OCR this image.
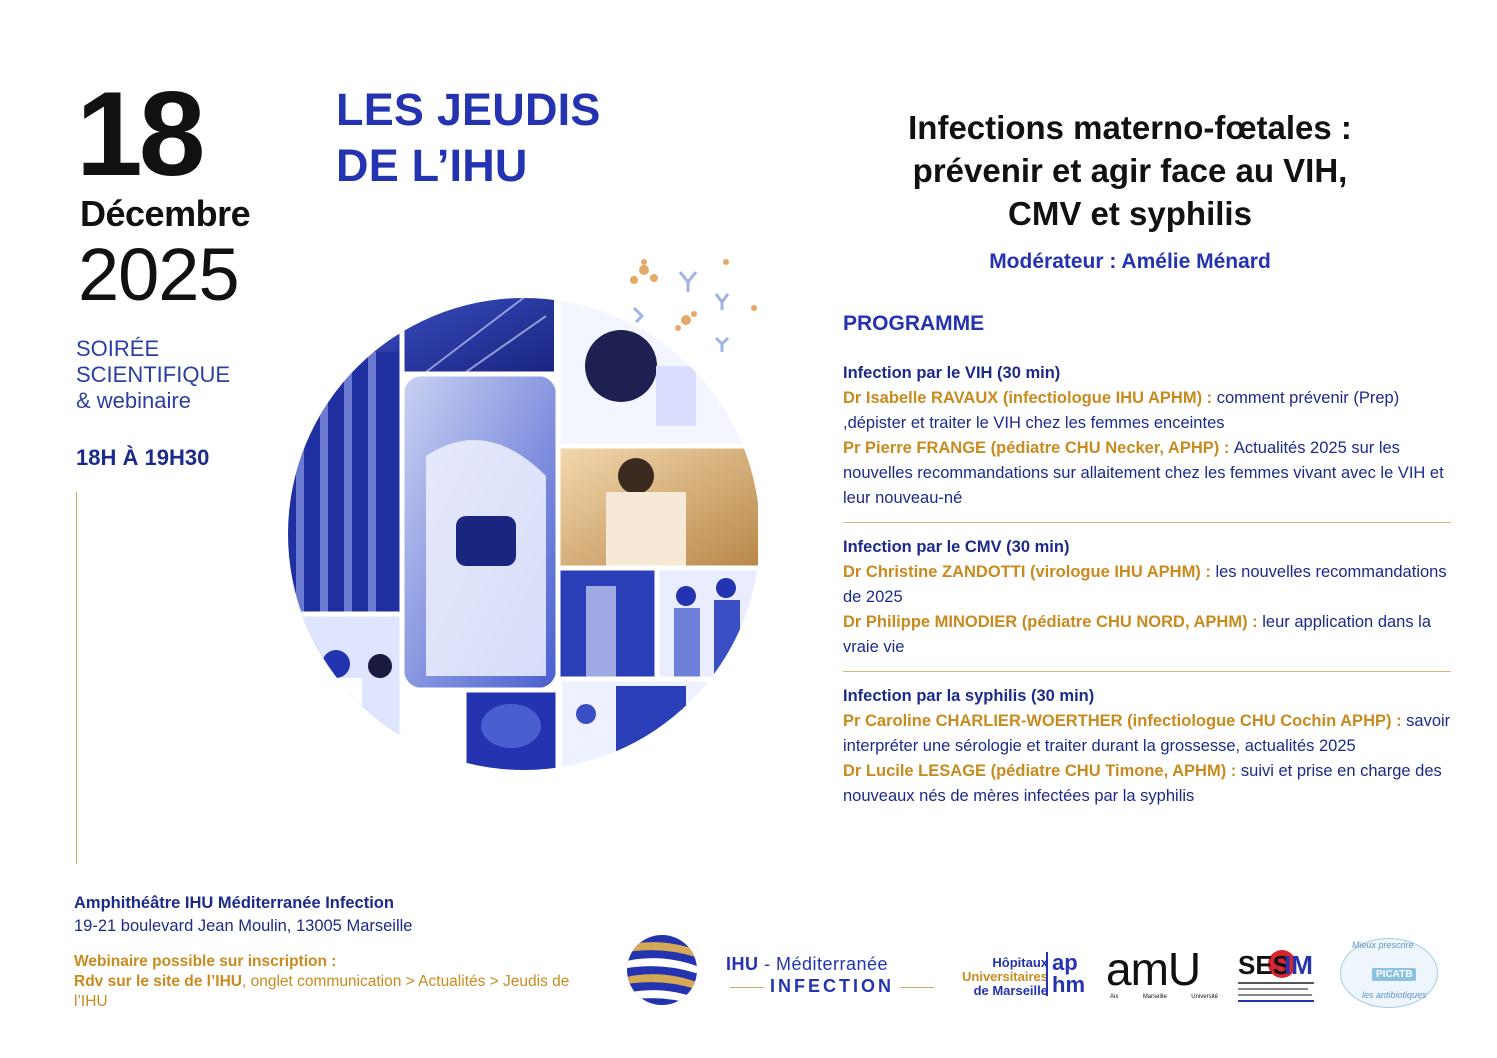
18
Décembre
2025
SOIRÉE
SCIENTIFIQUE
& webinaire
18H À 19H30
LES JEUDIS
DE L’IHU
Infections materno-fœtales :
prévenir et agir face au VIH,
CMV et syphilis
Modérateur : Amélie Ménard
PROGRAMME
Infection par le VIH (30 min)
Dr Isabelle RAVAUX (infectiologue IHU APHM) : comment prévenir (Prep) ,dépister et traiter le VIH chez les femmes enceintes
Pr Pierre FRANGE (pédiatre CHU Necker, APHP) : Actualités 2025 sur les nouvelles recommandations sur allaitement chez les femmes vivant avec le VIH et leur nouveau-né
Infection par le CMV (30 min)
Dr Christine ZANDOTTI (virologue IHU APHM) : les nouvelles recommandations de 2025
Dr Philippe MINODIER (pédiatre CHU NORD, APHM) : leur application dans la vraie vie
Infection par la syphilis (30 min)
Pr Caroline CHARLIER-WOERTHER (infectiologue CHU Cochin APHP) : savoir interpréter une sérologie et traiter durant la grossesse, actualités 2025
Dr Lucile LESAGE (pédiatre CHU Timone, APHM) : suivi et prise en charge des nouveaux nés de mères infectées par la syphilis
Amphithéâtre IHU Méditerranée Infection
19-21 boulevard Jean Moulin, 13005 Marseille
Webinaire possible sur inscription :
Rdv sur le site de l’IHU, onglet communication > Actualités > Jeudis de l’IHU
IHU - Méditerranée
INFECTION
Hôpitaux
Universitaires
de Marseille
ap
hm amU
Aix	Marseille	Université
SES
IM
Mieux prescrire
PICATB
les antibiotiques
